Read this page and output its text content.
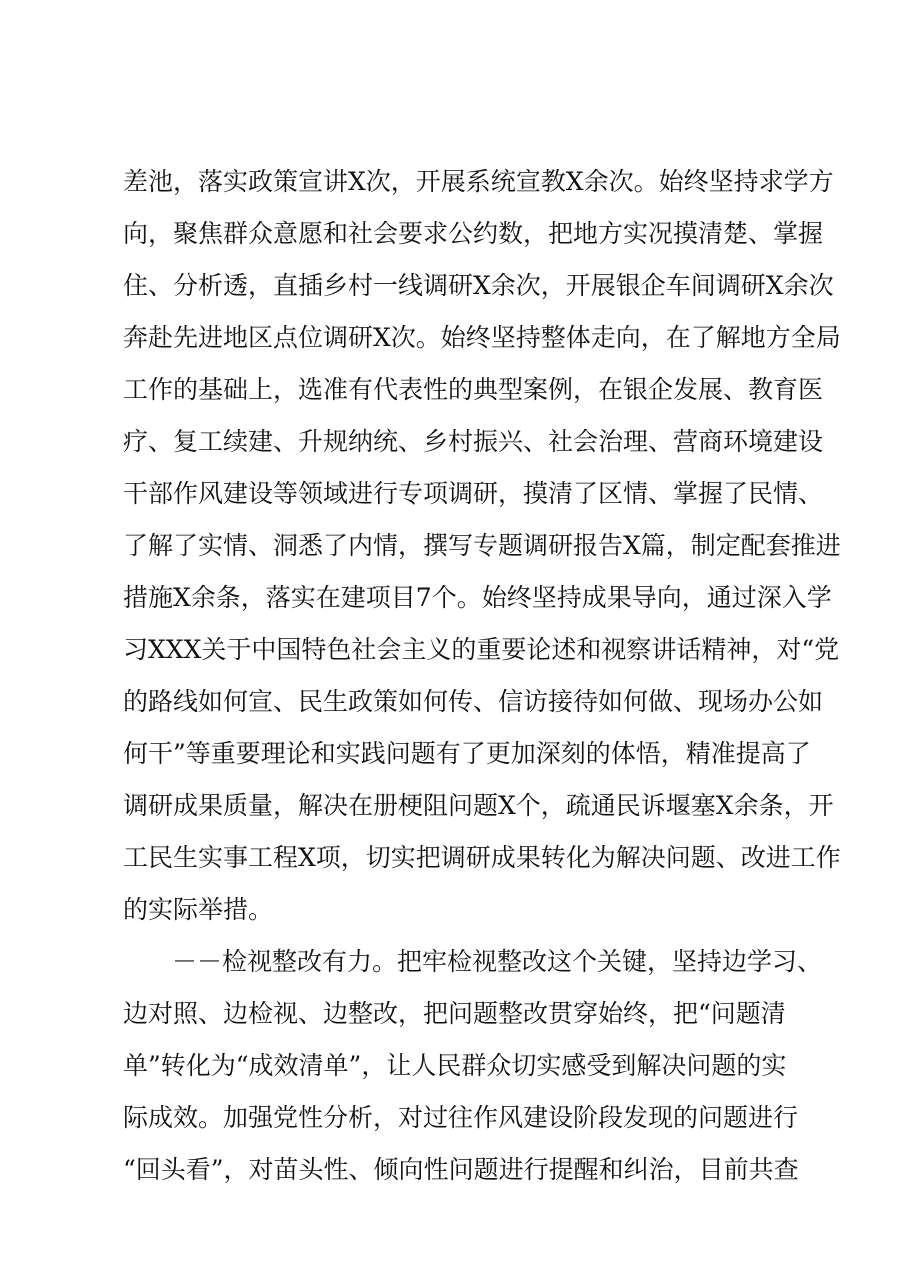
差池，落实政策宣讲X次，开展系统宣教X余次。始终坚持求学方
向，聚焦群众意愿和社会要求公约数，把地方实况摸清楚、掌握
住、分析透，直插乡村一线调研X余次，开展银企车间调研X余次
奔赴先进地区点位调研X次。始终坚持整体走向，在了解地方全局
工作的基础上，选准有代表性的典型案例，在银企发展、教育医
疗、复工续建、升规纳统、乡村振兴、社会治理、营商环境建设
干部作风建设等领域进行专项调研，摸清了区情、掌握了民情、
了解了实情、洞悉了内情，撰写专题调研报告X篇，制定配套推进
措施X余条，落实在建项目7个。始终坚持成果导向，通过深入学
习XXX关于中国特色社会主义的重要论述和视察讲话精神，对“党
的路线如何宣、民生政策如何传、信访接待如何做、现场办公如
何干”等重要理论和实践问题有了更加深刻的体悟，精准提高了
调研成果质量，解决在册梗阻问题X个，疏通民诉堰塞X余条，开
工民生实事工程X项，切实把调研成果转化为解决问题、改进工作
的实际举措。
－－检视整改有力。把牢检视整改这个关键，坚持边学习、
边对照、边检视、边整改，把问题整改贯穿始终，把“问题清
单”转化为“成效清单”，让人民群众切实感受到解决问题的实
际成效。加强党性分析，对过往作风建设阶段发现的问题进行
“回头看”，对苗头性、倾向性问题进行提醒和纠治，目前共查
